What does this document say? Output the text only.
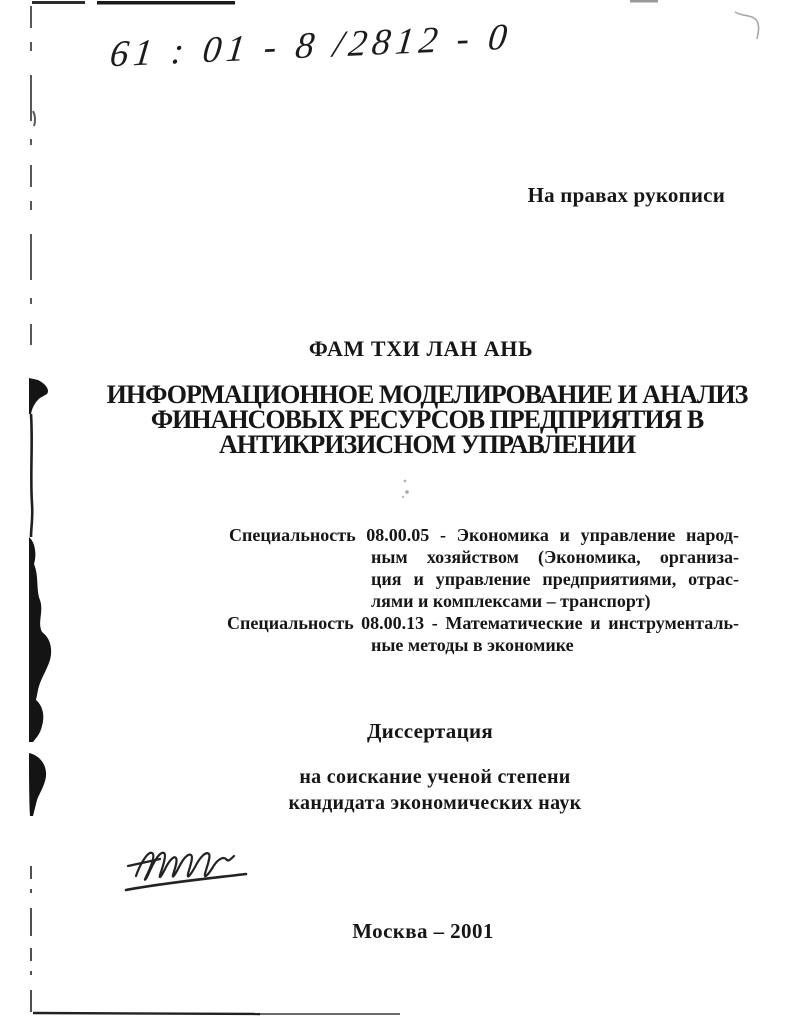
61 : 01 - 8 /2812 - 0
На правах рукописи
ФАМ ТХИ ЛАН АНЬ
ИНФОРМАЦИОННОЕ МОДЕЛИРОВАНИЕ И АНАЛИЗ
ФИНАНСОВЫХ РЕСУРСОВ ПРЕДПРИЯТИЯ В
АНТИКРИЗИСНОМ УПРАВЛЕНИИ
Специальность 08.00.05 - Экономика и управление народ-
ным хозяйством (Экономика, организа-
ция и управление предприятиями, отрас-
лями и комплексами – транспорт)
Специальность 08.00.13 - Математические и инструменталь-
ные методы в экономике
Диссертация
на соискание ученой степени
кандидата экономических наук
Москва – 2001
